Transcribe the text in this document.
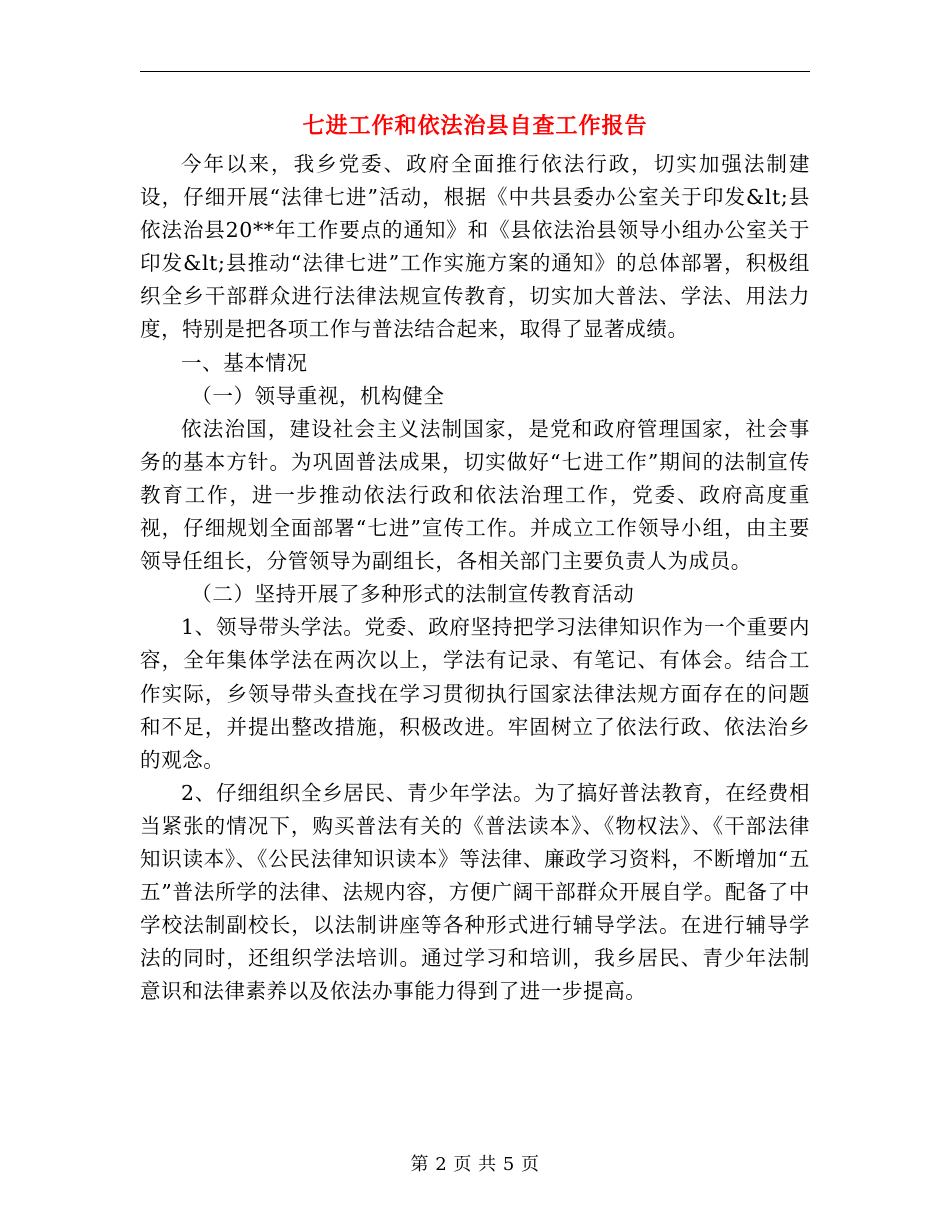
七进工作和依法治县自查工作报告

今年以来，我乡党委、政府全面推行依法行政，切实加强法制建设，仔细开展“法律七进”活动，根据《中共县委办公室关于印发&lt;县依法治县20**年工作要点的通知》和《县依法治县领导小组办公室关于印发&lt;县推动“法律七进”工作实施方案的通知》的总体部署，积极组织全乡干部群众进行法律法规宣传教育，切实加大普法、学法、用法力度，特别是把各项工作与普法结合起来，取得了显著成绩。

一、基本情况

（一）领导重视，机构健全

依法治国，建设社会主义法制国家，是党和政府管理国家，社会事务的基本方针。为巩固普法成果，切实做好“七进工作”期间的法制宣传教育工作，进一步推动依法行政和依法治理工作，党委、政府高度重视，仔细规划全面部署“七进”宣传工作。并成立工作领导小组，由主要领导任组长，分管领导为副组长，各相关部门主要负责人为成员。

（二）坚持开展了多种形式的法制宣传教育活动

1、领导带头学法。党委、政府坚持把学习法律知识作为一个重要内容，全年集体学法在两次以上，学法有记录、有笔记、有体会。结合工作实际，乡领导带头查找在学习贯彻执行国家法律法规方面存在的问题和不足，并提出整改措施，积极改进。牢固树立了依法行政、依法治乡的观念。

2、仔细组织全乡居民、青少年学法。为了搞好普法教育，在经费相当紧张的情况下，购买普法有关的《普法读本》、《物权法》、《干部法律知识读本》、《公民法律知识读本》等法律、廉政学习资料，不断增加“五五”普法所学的法律、法规内容，方便广阔干部群众开展自学。配备了中学校法制副校长，以法制讲座等各种形式进行辅导学法。在进行辅导学法的同时，还组织学法培训。通过学习和培训，我乡居民、青少年法制意识和法律素养以及依法办事能力得到了进一步提高。

第 2 页 共 5 页
